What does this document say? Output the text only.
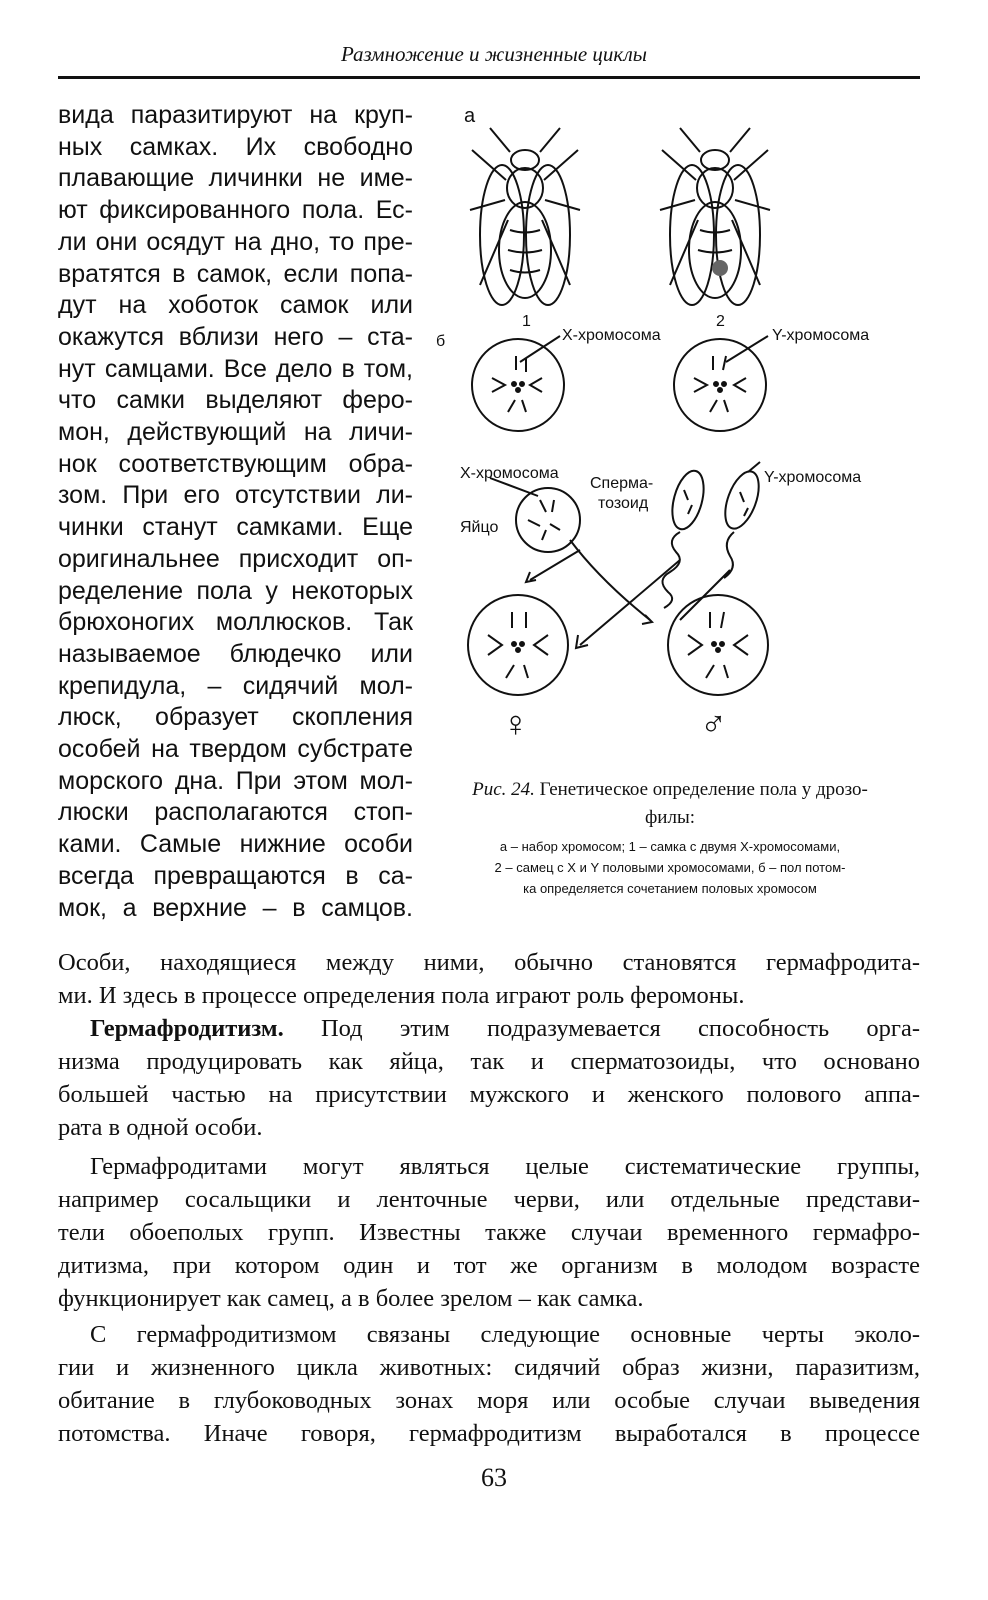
Размножение и жизненные циклы
вида паразитируют на круп-
ных самках. Их свободно
плавающие личинки не име-
ют фиксированного пола. Ес-
ли они осядут на дно, то пре-
вратятся в самок, если попа-
дут на хоботок самок или
окажутся вблизи него – ста-
нут самцами. Все дело в том,
что самки выделяют феро-
мон, действующий на личи-
нок соответствующим обра-
зом. При его отсутствии ли-
чинки станут самками. Еще
оригинальнее присходит оп-
ределение пола у некоторых
брюхоногих моллюсков. Так
называемое блюдечко или
крепидула, – сидячий мол-
люск, образует скопления
особей на твердом субстрате
морского дна. При этом мол-
люски располагаются стоп-
ками. Самые нижние особи
всегда превращаются в са-
мок, а верхние – в самцов.
а
б
1	2
Х-хромосома	Y-хромосома
Х-хромосома
Сперма-
тозоид
Y-хромосома
Яйцо
♀	♂
Рис. 24. Генетическое определение пола у дрозо-
филы:
а – набор хромосом; 1 – самка с двумя Х-хромосомами,
2 – самец с Х и Y половыми хромосомами, б – пол потом-
ка определяется сочетанием половых хромосом
Особи, находящиеся между ними, обычно становятся гермафродита-
ми. И здесь в процессе определения пола играют роль феромоны.
Гермафродитизм. Под этим подразумевается способность орга-
низма продуцировать как яйца, так и сперматозоиды, что основано
большей частью на присутствии мужского и женского полового аппа-
рата в одной особи.
Гермафродитами могут являться целые систематические группы,
например сосальщики и ленточные черви, или отдельные представи-
тели обоеполых групп. Известны также случаи временного гермафро-
дитизма, при котором один и тот же организм в молодом возрасте
функционирует как самец, а в более зрелом – как самка.
С гермафродитизмом связаны следующие основные черты эколо-
гии и жизненного цикла животных: сидячий образ жизни, паразитизм,
обитание в глубоководных зонах моря или особые случаи выведения
потомства. Иначе говоря, гермафродитизм выработался в процессе
63
